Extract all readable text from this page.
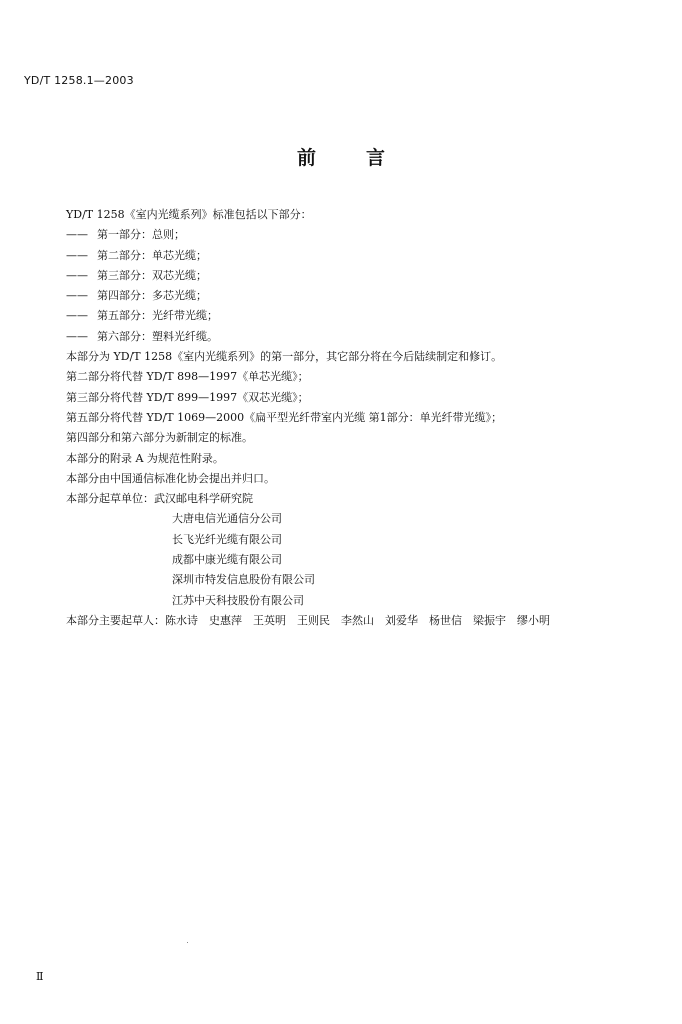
YD/T 1258.1—2003
前	言
YD/T 1258《室内光缆系列》标准包括以下部分：
—— 第一部分：总则；
—— 第二部分：单芯光缆；
—— 第三部分：双芯光缆；
—— 第四部分：多芯光缆；
—— 第五部分：光纤带光缆；
—— 第六部分：塑料光纤缆。
本部分为 YD/T 1258《室内光缆系列》的第一部分，其它部分将在今后陆续制定和修订。
第二部分将代替 YD/T 898—1997《单芯光缆》；
第三部分将代替 YD/T 899—1997《双芯光缆》；
第五部分将代替 YD/T 1069—2000《扁平型光纤带室内光缆 第1部分：单光纤带光缆》；
第四部分和第六部分为新制定的标准。
本部分的附录 A 为规范性附录。
本部分由中国通信标准化协会提出并归口。
本部分起草单位：武汉邮电科学研究院
大唐电信光通信分公司
长飞光纤光缆有限公司
成都中康光缆有限公司
深圳市特发信息股份有限公司
江苏中天科技股份有限公司
本部分主要起草人：陈水诗　史惠萍　王英明　王则民　李然山　刘爱华　杨世信　梁振宇　缪小明
Ⅱ
